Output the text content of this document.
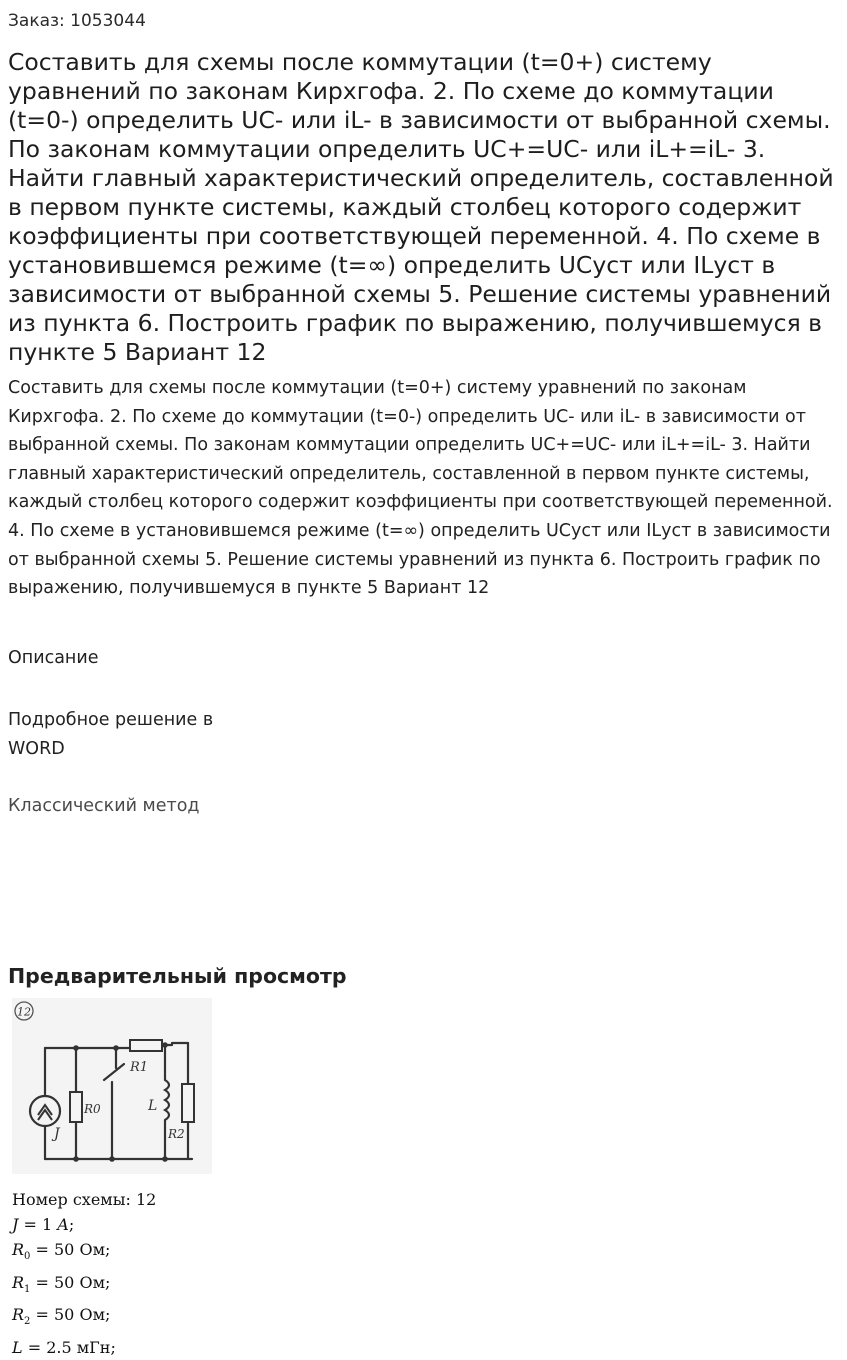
Заказ: 1053044
Составить для схемы после коммутации (t=0+) систему уравнений по законам Кирхгофа. 2. По схеме до коммутации (t=0-) определить UC- или iL- в зависимости от выбранной схемы. По законам коммутации определить UC+=UC- или iL+=iL- 3. Найти главный характеристический определитель, составленной в первом пункте системы, каждый столбец которого содержит коэффициенты при соответствующей переменной. 4. По схеме в установившемся режиме (t=∞) определить UCуст или ILуст в зависимости от выбранной схемы 5. Решение системы уравнений из пункта 6. Построить график по выражению, получившемуся в пункте 5 Вариант 12
Составить для схемы после коммутации (t=0+) систему уравнений по законам Кирхгофа. 2. По схеме до коммутации (t=0-) определить UC- или iL- в зависимости от выбранной схемы. По законам коммутации определить UC+=UC- или iL+=iL- 3. Найти главный характеристический определитель, составленной в первом пункте системы, каждый столбец которого содержит коэффициенты при соответствующей переменной. 4. По схеме в установившемся режиме (t=∞) определить UCуст или ILуст в зависимости от выбранной схемы 5. Решение системы уравнений из пункта 6. Построить график по выражению, получившемуся в пункте 5 Вариант 12
Описание
Подробное решение в WORD
Классический метод
Предварительный просмотр
12
R1
R0	L
R2
J
Номер схемы: 12
J = 1 A;
$R_0 = 50$ Ом;
$R_1 = 50$ Ом;
$R_2 = 50$ Ом;
L = 2.5 мГн;
